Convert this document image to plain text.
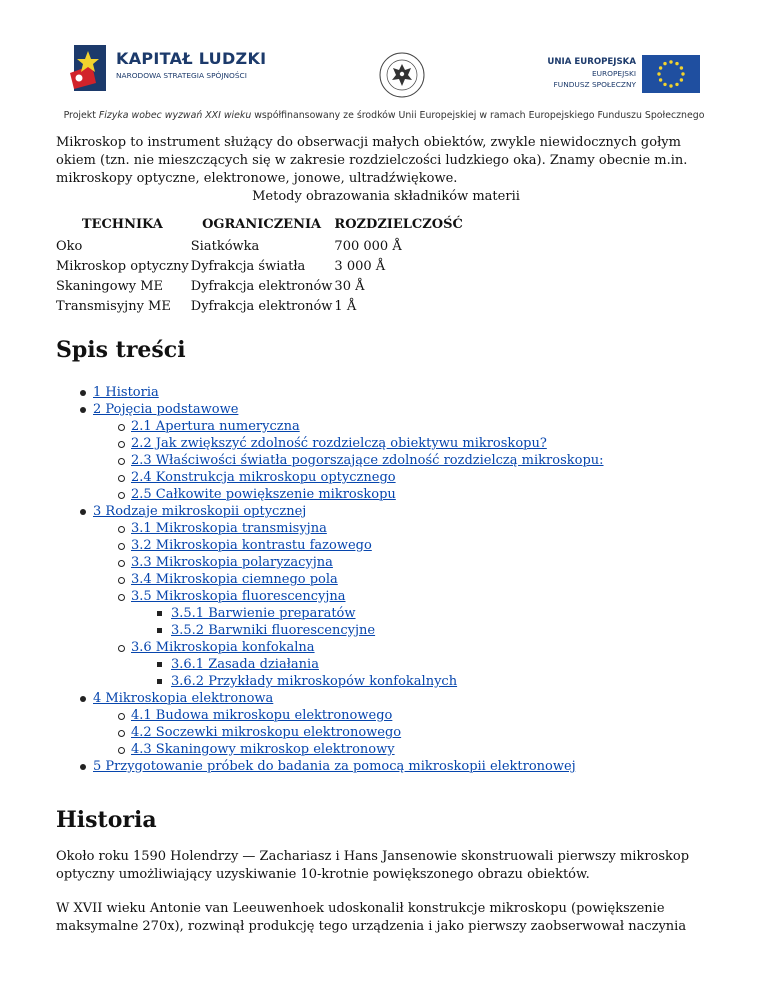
KAPITAŁ LUDZKI
NARODOWA STRATEGIA SPÓJNOŚCI
UNIA EUROPEJSKA
EUROPEJSKI
FUNDUSZ SPOŁECZNY
Projekt Fizyka wobec wyzwań XXI wieku współfinansowany ze środków Unii Europejskiej w ramach Europejskiego Funduszu Społecznego

Mikroskop to instrument służący do obserwacji małych obiektów, zwykle niewidocznych gołym okiem (tzn. nie mieszczących się w zakresie rozdzielczości ludzkiego oka). Znamy obecnie m.in. mikroskopy optyczne, elektronowe, jonowe, ultradźwiękowe.

Metody obrazowania składników materii

TECHNIKA	OGRANICZENIA	ROZDZIELCZOŚĆ
Oko	Siatkówka	700 000 Å
Mikroskop optyczny	Dyfrakcja światła	3 000 Å
Skaningowy ME	Dyfrakcja elektronów	30 Å
Transmisyjny ME	Dyfrakcja elektronów	1 Å
Spis treści
1 Historia
2 Pojęcia podstawowe
2.1 Apertura numeryczna
2.2 Jak zwiększyć zdolność rozdzielczą obiektywu mikroskopu?
2.3 Właściwości światła pogorszające zdolność rozdzielczą mikroskopu:
2.4 Konstrukcja mikroskopu optycznego
2.5 Całkowite powiększenie mikroskopu
3 Rodzaje mikroskopii optycznej
3.1 Mikroskopia transmisyjna
3.2 Mikroskopia kontrastu fazowego
3.3 Mikroskopia polaryzacyjna
3.4 Mikroskopia ciemnego pola
3.5 Mikroskopia fluorescencyjna
3.5.1 Barwienie preparatów
3.5.2 Barwniki fluorescencyjne
3.6 Mikroskopia konfokalna
3.6.1 Zasada działania
3.6.2 Przykłady mikroskopów konfokalnych
4 Mikroskopia elektronowa
4.1 Budowa mikroskopu elektronowego
4.2 Soczewki mikroskopu elektronowego
4.3 Skaningowy mikroskop elektronowy
5 Przygotowanie próbek do badania za pomocą mikroskopii elektronowej
Historia

Około roku 1590 Holendrzy — Zachariasz i Hans Jansenowie skonstruowali pierwszy mikroskop optyczny umożliwiający uzyskiwanie 10-krotnie powiększonego obrazu obiektów.

W XVII wieku Antonie van Leeuwenhoek udoskonalił konstrukcje mikroskopu (powiększenie maksymalne 270x), rozwinął produkcję tego urządzenia i jako pierwszy zaobserwował naczynia
